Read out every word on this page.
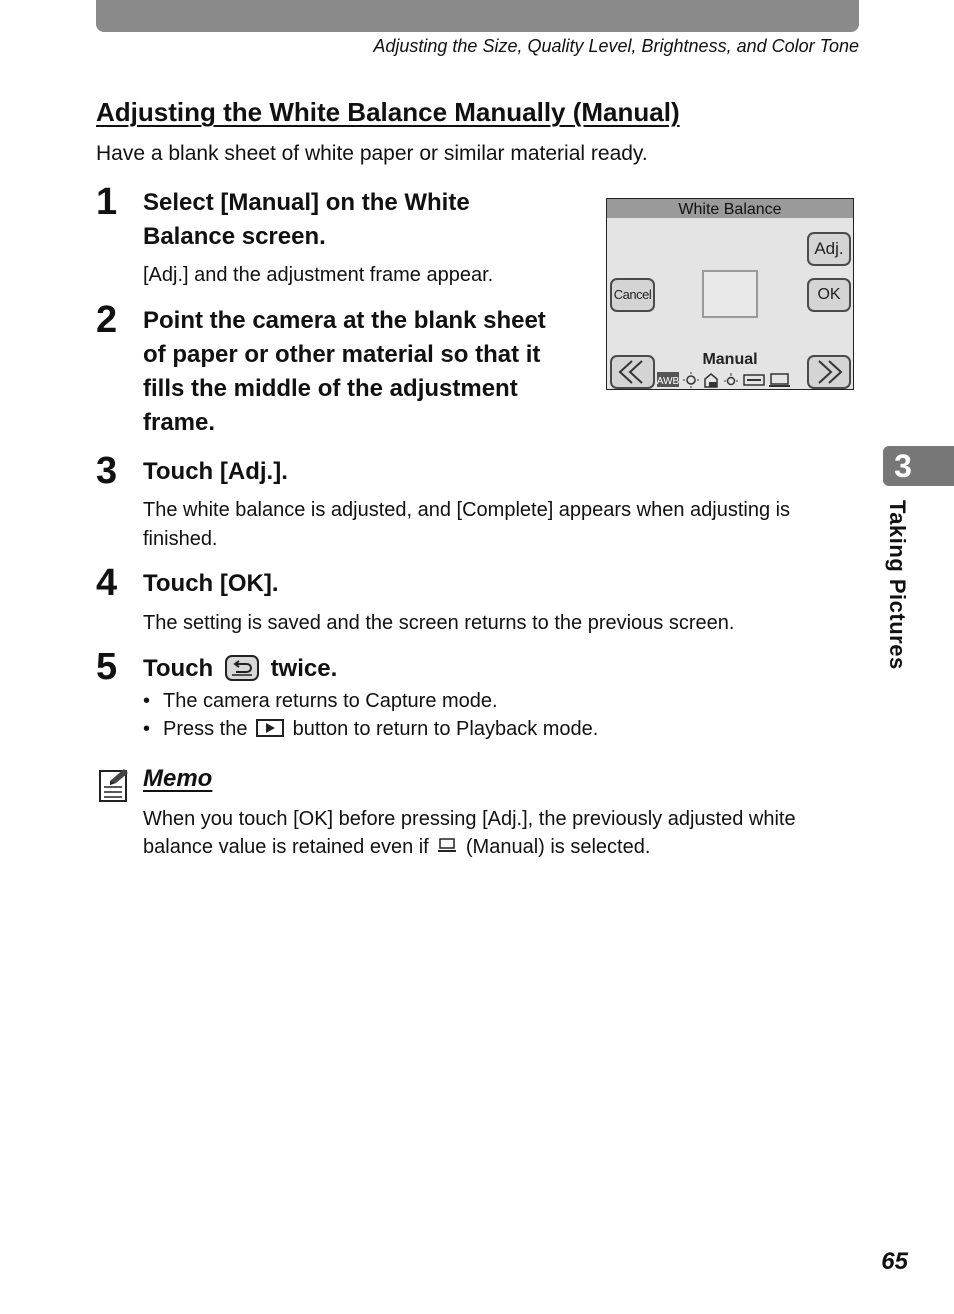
Adjusting the Size, Quality Level, Brightness, and Color Tone
Adjusting the White Balance Manually (Manual)
Have a blank sheet of white paper or similar material ready.
1 Select [Manual] on the White
Balance screen.
[Adj.] and the adjustment frame appear.
White Balance
Adj.
Cancel	OK
Manual
AWB
2 Point the camera at the blank sheet
of paper or other material so that it
fills the middle of the adjustment
frame.
3 Touch [Adj.].
The white balance is adjusted, and [Complete] appears when adjusting is
finished.
4 Touch [OK].
The setting is saved and the screen returns to the previous screen.
5 Touch twice.
• The camera returns to Capture mode.
• Press the button to return to Playback mode.
Memo
When you touch [OK] before pressing [Adj.], the previously adjusted white
balance value is retained even if (Manual) is selected.
3
Taking Pictures
65
